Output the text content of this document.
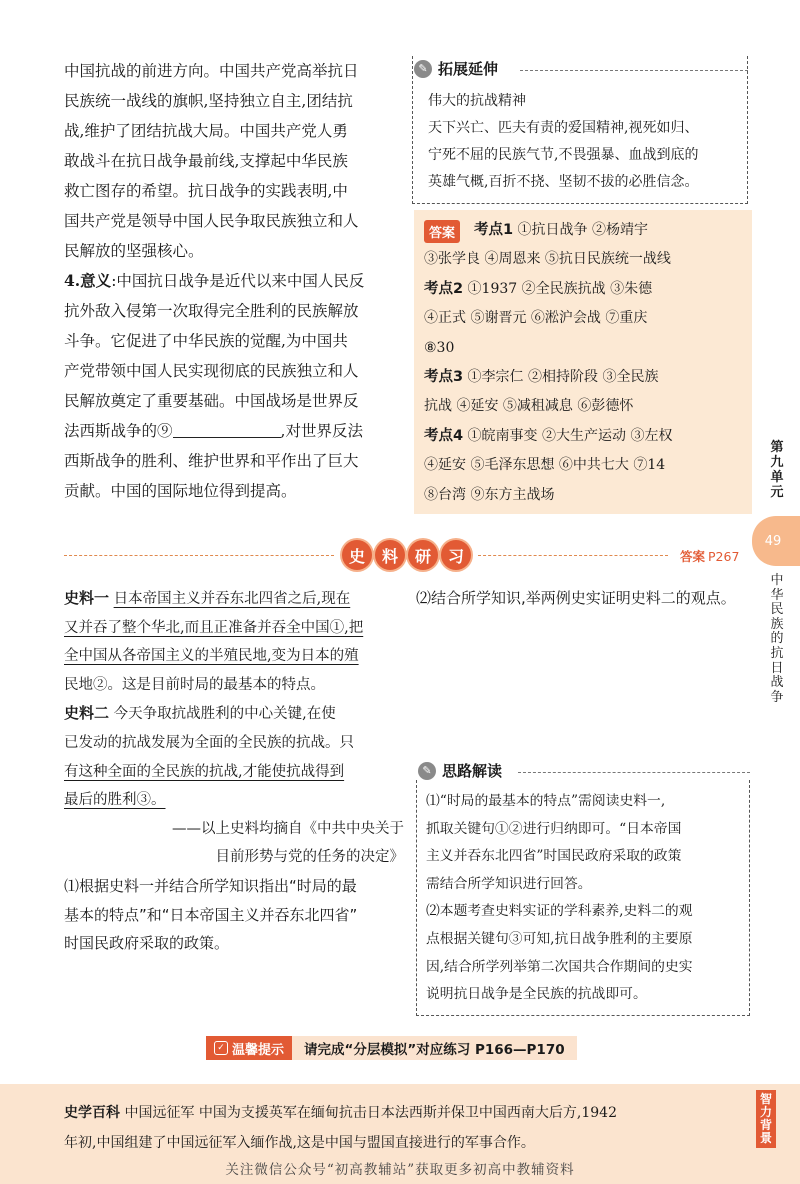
中国抗战的前进方向。中国共产党高举抗日
民族统一战线的旗帜,坚持独立自主,团结抗
战,维护了团结抗战大局。中国共产党人勇
敢战斗在抗日战争最前线,支撑起中华民族
救亡图存的希望。抗日战争的实践表明,中
国共产党是领导中国人民争取民族独立和人
民解放的坚强核心。
4.意义:中国抗日战争是近代以来中国人民反
抗外敌入侵第一次取得完全胜利的民族解放
斗争。它促进了中华民族的觉醒,为中国共
产党带领中国人民实现彻底的民族独立和人
民解放奠定了重要基础。中国战场是世界反
法西斯战争的⑨	,对世界反法
西斯战争的胜利、维护世界和平作出了巨大
贡献。中国的国际地位得到提高。
✎ 拓展延伸
伟大的抗战精神
天下兴亡、匹夫有责的爱国精神,视死如归、
宁死不屈的民族气节,不畏强暴、血战到底的
英雄气概,百折不挠、坚韧不拔的必胜信念。
考点1 ①抗日战争 ②杨靖宇
③张学良 ④周恩来 ⑤抗日民族统一战线
考点2 ①1937 ②全民族抗战 ③朱德
④正式 ⑤谢晋元 ⑥淞沪会战 ⑦重庆
⑧30
考点3 ①李宗仁 ②相持阶段 ③全民族
抗战 ④延安 ⑤减租减息 ⑥彭德怀
考点4 ①皖南事变 ②大生产运动 ③左权
④延安 ⑤毛泽东思想 ⑥中共七大 ⑦14
⑧台湾 ⑨东方主战场
答案
第九单元
49
中华民族的抗日战争
史	料	研	习	答案 P267
史料一 日本帝国主义并吞东北四省之后,现在
又并吞了整个华北,而且正准备并吞全中国①,把
全中国从各帝国主义的半殖民地,变为日本的殖
民地②。这是目前时局的最基本的特点。
史料二 今天争取抗战胜利的中心关键,在使
已发动的抗战发展为全面的全民族的抗战。只
有这种全面的全民族的抗战,才能使抗战得到
最后的胜利③。
——以上史料均摘自《中共中央关于
目前形势与党的任务的决定》
⑴根据史料一并结合所学知识指出“时局的最
基本的特点”和“日本帝国主义并吞东北四省”
时国民政府采取的政策。
⑵结合所学知识,举两例史实证明史料二的观点。
✎ 思路解读
⑴“时局的最基本的特点”需阅读史料一,
抓取关键句①②进行归纳即可。“日本帝国
主义并吞东北四省”时国民政府采取的政策
需结合所学知识进行回答。
⑵本题考查史料实证的学科素养,史料二的观
点根据关键句③可知,抗日战争胜利的主要原
因,结合所学列举第二次国共合作期间的史实
说明抗日战争是全民族的抗战即可。
✓ 温馨提示	请完成“分层模拟”对应练习 P166—P170
史学百科 中国远征军 中国为支援英军在缅甸抗击日本法西斯并保卫中国西南大后方,1942
年初,中国组建了中国远征军入缅作战,这是中国与盟国直接进行的军事合作。
智力背景
关注微信公众号“初高教辅站”获取更多初高中教辅资料
